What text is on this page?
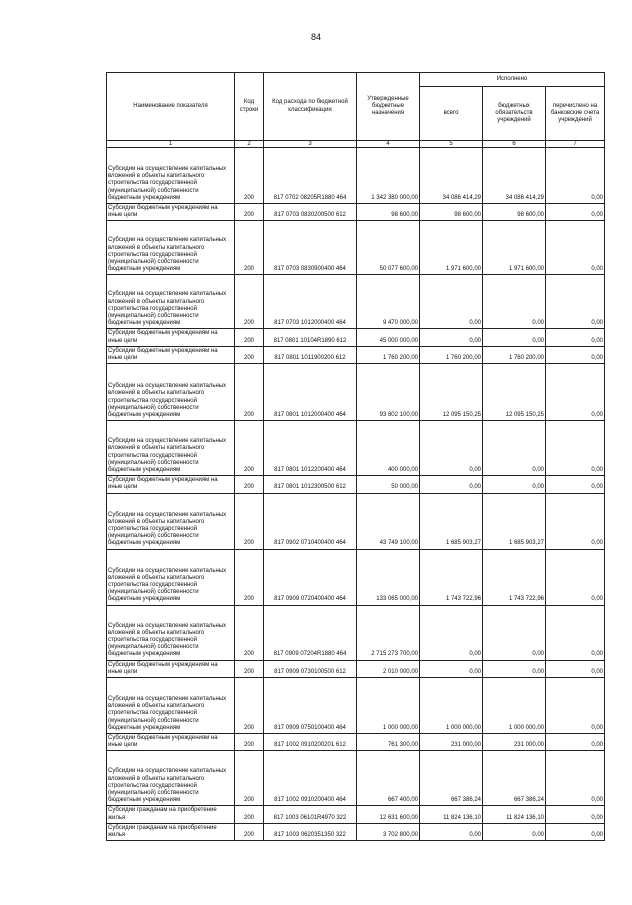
84
Наименование показателя	Код строки	Код расхода по бюджетной классификации	Утвержденные бюджетные назначения	Исполнено		
				всего	бюджетных обязательств учреждений	перечислено на банковские счета учреждений
1	2	3	4	5	6	7
Субсидии на осуществление капитальных вложений в объекты капитального строительства государственной (муниципальной) собственности бюджетным учреждениям	200	817 0702 08205R1880 464	1 342 380 000,00	34 086 414,29	34 086 414,29	0,00
Субсидии бюджетным учреждениям на иные цели	200	817 0703 0830200500 612	98 600,00	98 600,00	98 600,00	0,00
Субсидии на осуществление капитальных вложений в объекты капитального строительства государственной (муниципальной) собственности бюджетным учреждениям	200	817 0703 0830900400 464	50 077 600,00	1 971 600,00	1 971 600,00	0,00
Субсидии на осуществление капитальных вложений в объекты капитального строительства государственной (муниципальной) собственности бюджетным учреждениям	200	817 0703 1012000400 464	9 470 000,00	0,00	0,00	0,00
Субсидии бюджетным учреждениям на иные цели	200	817 0801 10104R1890 612	45 000 000,00	0,00	0,00	0,00
Субсидии бюджетным учреждениям на иные цели	200	817 0801 1011900200 612	1 760 200,00	1 760 200,00	1 760 200,00	0,00
Субсидии на осуществление капитальных вложений в объекты капитального строительства государственной (муниципальной) собственности бюджетным учреждениям	200	817 0801 1012000400 464	93 802 100,00	12 095 150,25	12 095 150,25	0,00
Субсидии на осуществление капитальных вложений в объекты капитального строительства государственной (муниципальной) собственности бюджетным учреждениям	200	817 0801 1012200400 464	400 000,00	0,00	0,00	0,00
Субсидии бюджетным учреждениям на иные цели	200	817 0801 1012300500 612	50 000,00	0,00	0,00	0,00
Субсидии на осуществление капитальных вложений в объекты капитального строительства государственной (муниципальной) собственности бюджетным учреждениям	200	817 0902 0710400400 464	43 749 100,00	1 685 903,27	1 685 903,27	0,00
Субсидии на осуществление капитальных вложений в объекты капитального строительства государственной (муниципальной) собственности бюджетным учреждениям	200	817 0909 0720400400 464	133 065 000,00	1 743 722,96	1 743 722,96	0,00
Субсидии на осуществление капитальных вложений в объекты капитального строительства государственной (муниципальной) собственности бюджетным учреждениям	200	817 0909 07204R1880 464	2 715 273 700,00	0,00	0,00	0,00
Субсидии бюджетным учреждениям на иные цели	200	817 0909 0730100500 612	2 010 000,00	0,00	0,00	0,00
Субсидии на осуществление капитальных вложений в объекты капитального строительства государственной (муниципальной) собственности бюджетным учреждениям	200	817 0909 0750100400 464	1 000 000,00	1 000 000,00	1 000 000,00	0,00
Субсидии бюджетным учреждениям на иные цели	200	817 1002 0910200201 612	761 300,00	231 000,00	231 000,00	0,00
Субсидии на осуществление капитальных вложений в объекты капитального строительства государственной (муниципальной) собственности бюджетным учреждениям	200	817 1002 0910200400 464	667 400,00	667 386,24	667 386,24	0,00
Субсидии гражданам на приобретение жилья	200	817 1003 06101R4970 322	12 631 600,00	11 824 136,10	11 824 136,10	0,00
Субсидии гражданам на приобретение жилья	200	817 1003 0620351350 322	3 702 800,00	0,00	0,00	0,00
